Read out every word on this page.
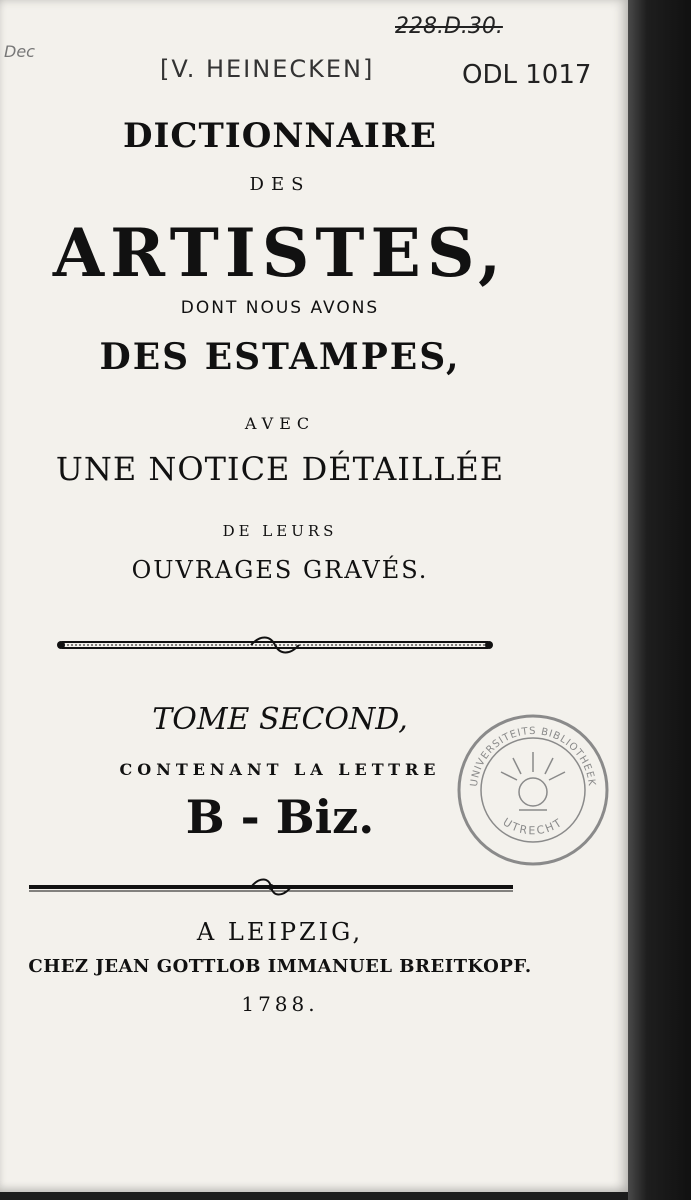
228.D.30.
ODL 1017
[V. HEINECKEN]
Dec
DICTIONNAIRE
DES
ARTISTES,
DONT NOUS AVONS
DES ESTAMPES,
AVEC
UNE NOTICE DÉTAILLÉE
DE LEURS
OUVRAGES GRAVÉS.
TOME SECOND,
CONTENANT LA LETTRE
B - Biz.
A LEIPZIG,
CHEZ JEAN GOTTLOB IMMANUEL BREITKOPF.
1788.
UNIVERSITEITS BIBLIOTHEEK
UTRECHT
